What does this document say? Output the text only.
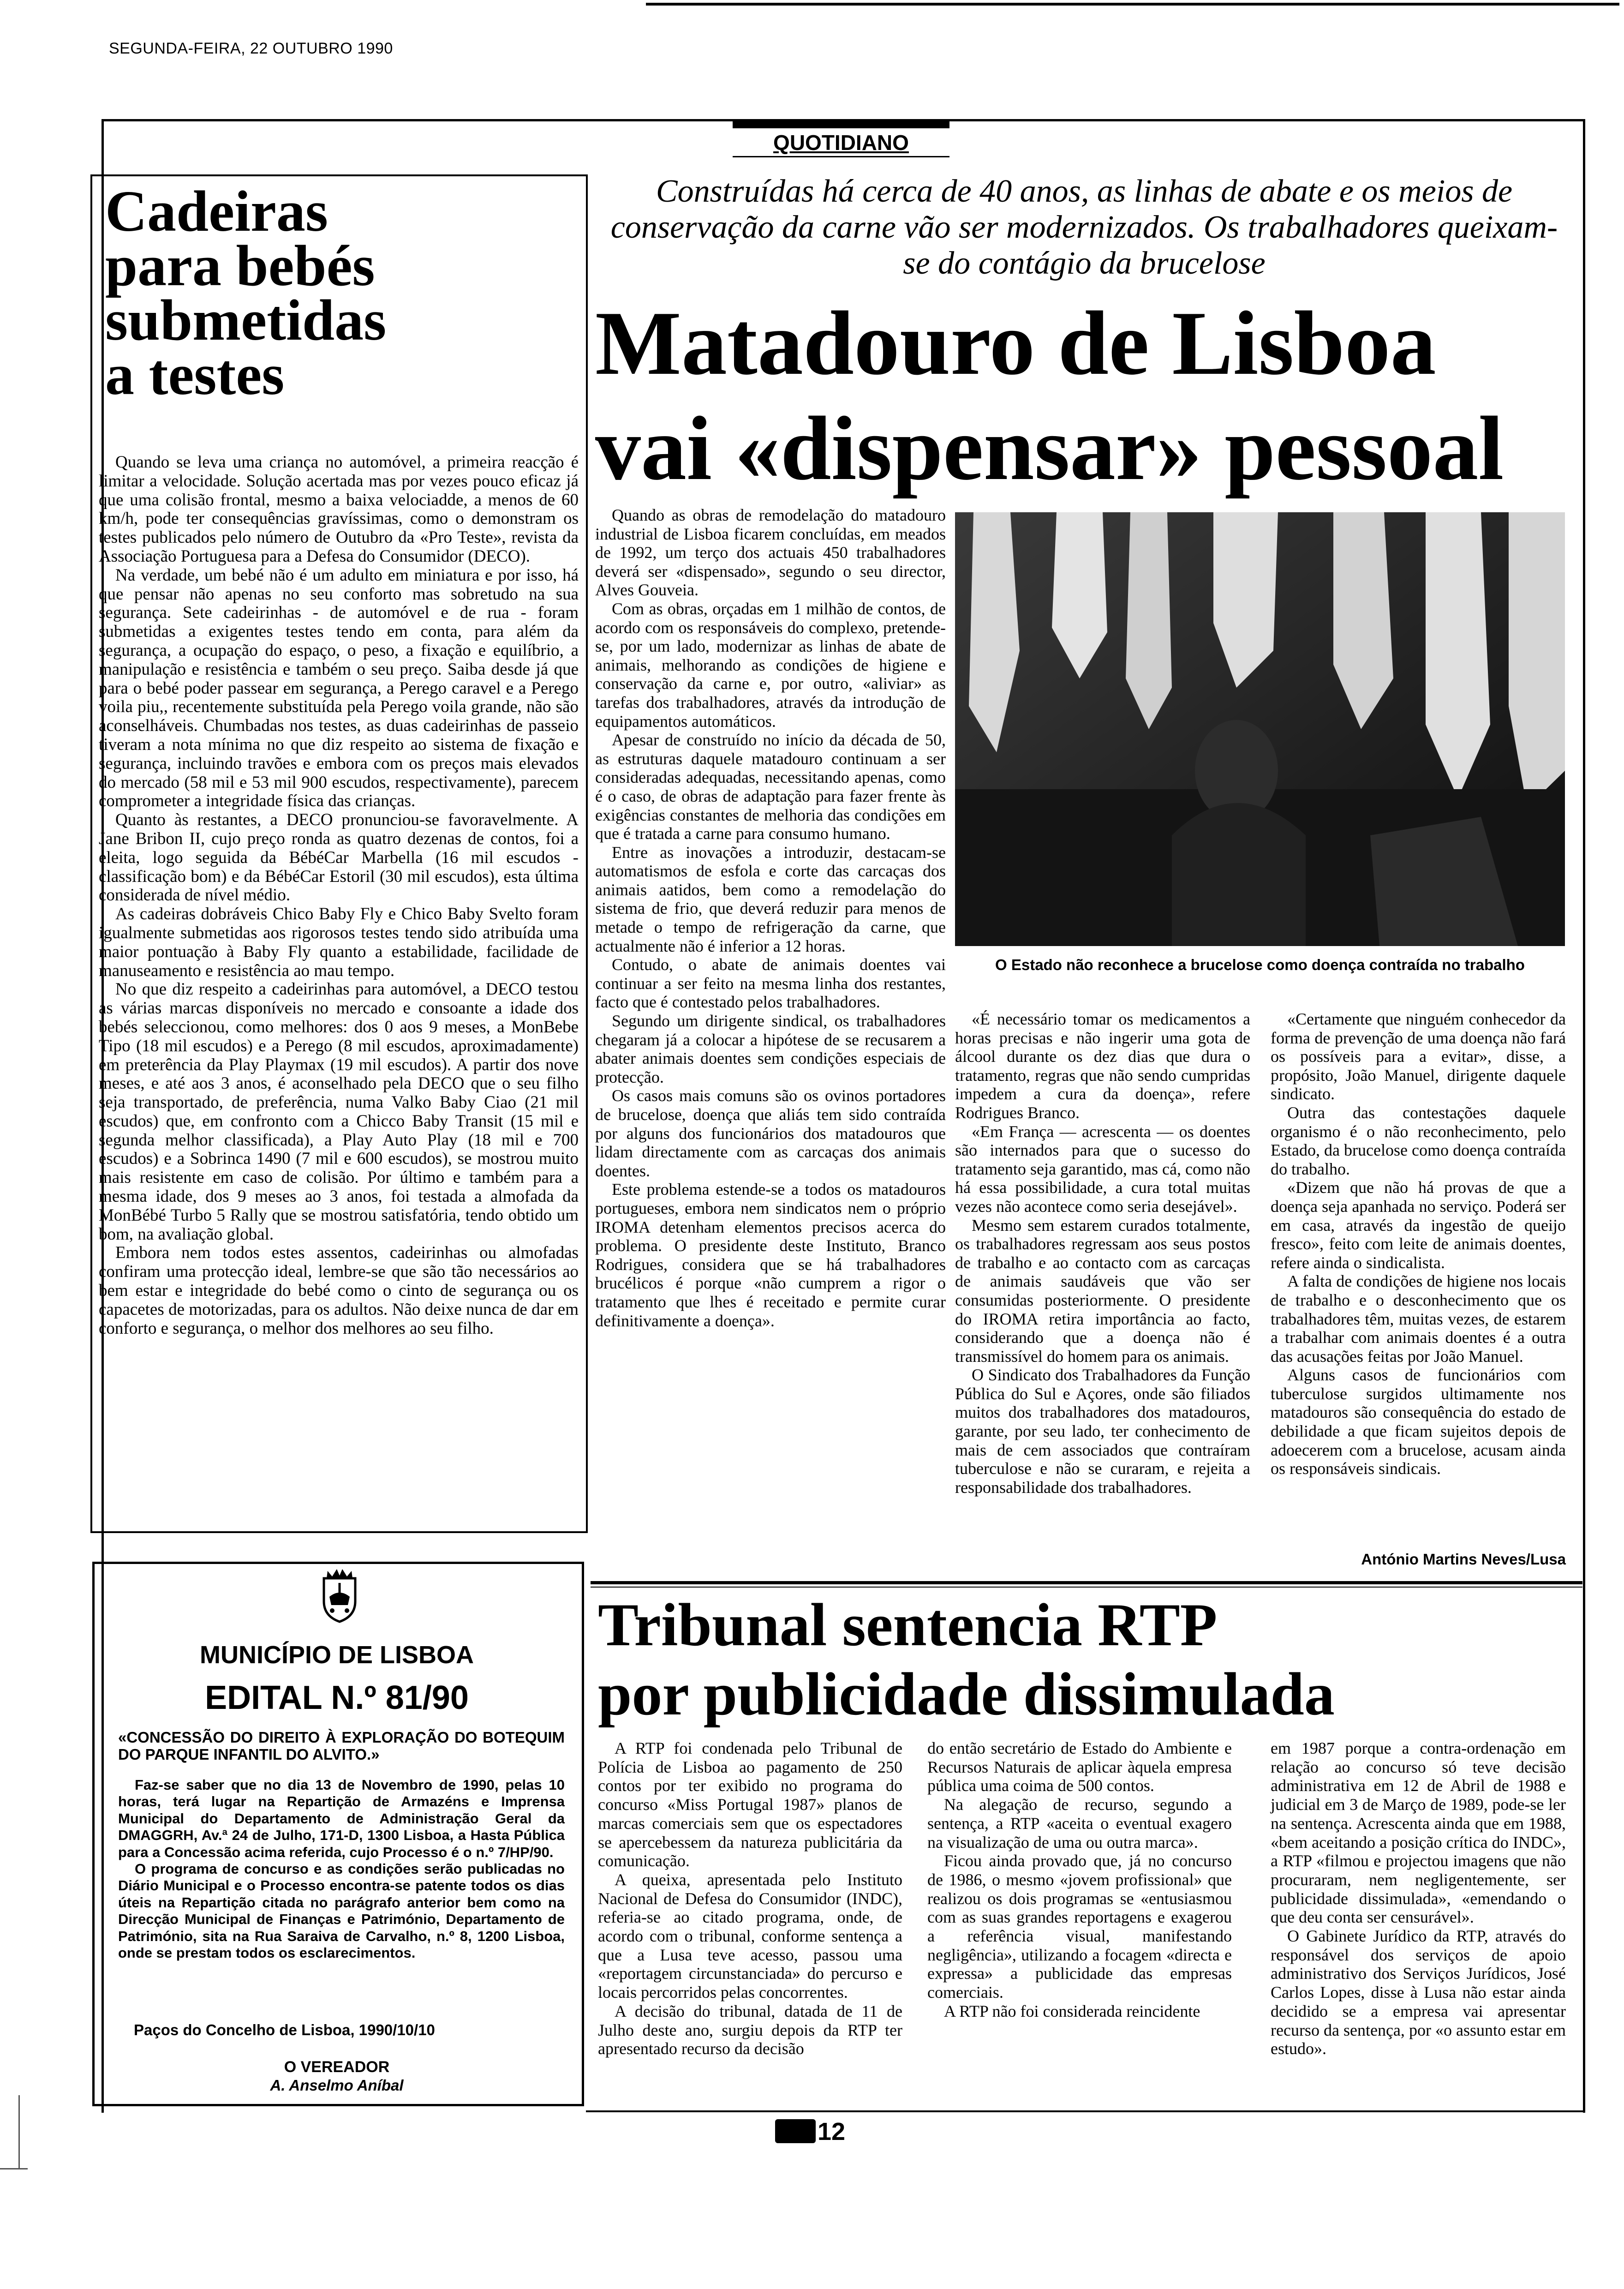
SEGUNDA-FEIRA, 22 OUTUBRO 1990
QUOTIDIANO
Cadeiras
para bebés
submetidas
a testes

Quando se leva uma criança no automóvel, a primeira reacção é limitar a velocidade. Solução acertada mas por vezes pouco eficaz já que uma colisão frontal, mesmo a baixa velociadde, a menos de 60 km/h, pode ter consequências gravíssimas, como o demonstram os testes publicados pelo número de Outubro da «Pro Teste», revista da Associação Portuguesa para a Defesa do Consumidor (DECO).

Na verdade, um bebé não é um adulto em miniatura e por isso, há que pensar não apenas no seu conforto mas sobretudo na sua segurança. Sete cadeirinhas - de automóvel e de rua - foram submetidas a exigentes testes tendo em conta, para além da segurança, a ocupação do espaço, o peso, a fixação e equilíbrio, a manipulação e resistência e também o seu preço. Saiba desde já que para o bebé poder passear em segurança, a Perego caravel e a Perego voila piu,, recentemente substituída pela Perego voila grande, não são aconselháveis. Chumbadas nos testes, as duas cadeirinhas de passeio tiveram a nota mínima no que diz respeito ao sistema de fixação e segurança, incluindo travões e embora com os preços mais elevados do mercado (58 mil e 53 mil 900 escudos, respectivamente), parecem comprometer a integridade física das crianças.

Quanto às restantes, a DECO pronunciou-se favoravelmente. A Jane Bribon II, cujo preço ronda as quatro dezenas de contos, foi a eleita, logo seguida da BébéCar Marbella (16 mil escudos - classificação bom) e da BébéCar Estoril (30 mil escudos), esta última considerada de nível médio.

As cadeiras dobráveis Chico Baby Fly e Chico Baby Svelto foram igualmente submetidas aos rigorosos testes tendo sido atribuída uma maior pontuação à Baby Fly quanto a estabilidade, facilidade de manuseamento e resistência ao mau tempo.

No que diz respeito a cadeirinhas para automóvel, a DECO testou as várias marcas disponíveis no mercado e consoante a idade dos bebés seleccionou, como melhores: dos 0 aos 9 meses, a MonBebe Tipo (18 mil escudos) e a Perego (8 mil escudos, aproximadamente) em preterência da Play Playmax (19 mil escudos). A partir dos nove meses, e até aos 3 anos, é aconselhado pela DECO que o seu filho seja transportado, de preferência, numa Valko Baby Ciao (21 mil escudos) que, em confronto com a Chicco Baby Transit (15 mil e segunda melhor classificada), a Play Auto Play (18 mil e 700 escudos) e a Sobrinca 1490 (7 mil e 600 escudos), se mostrou muito mais resistente em caso de colisão. Por último e também para a mesma idade, dos 9 meses ao 3 anos, foi testada a almofada da MonBébé Turbo 5 Rally que se mostrou satisfatória, tendo obtido um bom, na avaliação global.

Embora nem todos estes assentos, cadeirinhas ou almofadas confiram uma protecção ideal, lembre-se que são tão necessários ao bem estar e integridade do bebé como o cinto de segurança ou os capacetes de motorizadas, para os adultos. Não deixe nunca de dar em conforto e segurança, o melhor dos melhores ao seu filho.

MUNICÍPIO DE LISBOA
EDITAL N.º 81/90
«CONCESSÃO DO DIREITO À EXPLORAÇÃO DO BOTEQUIM DO PARQUE INFANTIL DO ALVITO.»

Faz-se saber que no dia 13 de Novembro de 1990, pelas 10 horas, terá lugar na Repartição de Armazéns e Imprensa Municipal do Departamento de Administração Geral da DMAGGRH, Av.ª 24 de Julho, 171-D, 1300 Lisboa, a Hasta Pública para a Concessão acima referida, cujo Processo é o n.º 7/HP/90.

O programa de concurso e as condições serão publicadas no Diário Municipal e o Processo encontra-se patente todos os dias úteis na Repartição citada no parágrafo anterior bem como na Direcção Municipal de Finanças e Património, Departamento de Património, sita na Rua Saraiva de Carvalho, n.º 8, 1200 Lisboa, onde se prestam todos os esclarecimentos.

Paços do Concelho de Lisboa, 1990/10/10
O VEREADOR
A. Anselmo Aníbal
Construídas há cerca de 40 anos, as linhas de abate e os meios de conservação da carne vão ser modernizados. Os trabalhadores queixam-se do contágio da brucelose
Matadouro de Lisboa
vai «dispensar» pessoal
O Estado não reconhece a brucelose como doença contraída no trabalho

Quando as obras de remodelação do matadouro industrial de Lisboa ficarem concluídas, em meados de 1992, um terço dos actuais 450 trabalhadores deverá ser «dispensado», segundo o seu director, Alves Gouveia.

Com as obras, orçadas em 1 milhão de contos, de acordo com os responsáveis do complexo, pretende-se, por um lado, modernizar as linhas de abate de animais, melhorando as condições de higiene e conservação da carne e, por outro, «aliviar» as tarefas dos trabalhadores, através da introdução de equipamentos automáticos.

Apesar de construído no início da década de 50, as estruturas daquele matadouro continuam a ser consideradas adequadas, necessitando apenas, como é o caso, de obras de adaptação para fazer frente às exigências constantes de melhoria das condições em que é tratada a carne para consumo humano.

Entre as inovações a introduzir, destacam-se automatismos de esfola e corte das carcaças dos animais aatidos, bem como a remodelação do sistema de frio, que deverá reduzir para menos de metade o tempo de refrigeração da carne, que actualmente não é inferior a 12 horas.

Contudo, o abate de animais doentes vai continuar a ser feito na mesma linha dos restantes, facto que é contestado pelos trabalhadores.

Segundo um dirigente sindical, os trabalhadores chegaram já a colocar a hipótese de se recusarem a abater animais doentes sem condições especiais de protecção.

Os casos mais comuns são os ovinos portadores de brucelose, doença que aliás tem sido contraída por alguns dos funcionários dos matadouros que lidam directamente com as carcaças dos animais doentes.

Este problema estende-se a todos os matadouros portugueses, embora nem sindicatos nem o próprio IROMA detenham elementos precisos acerca do problema. O presidente deste Instituto, Branco Rodrigues, considera que se há trabalhadores brucélicos é porque «não cumprem a rigor o tratamento que lhes é receitado e permite curar definitivamente a doença».

«É necessário tomar os medicamentos a horas precisas e não ingerir uma gota de álcool durante os dez dias que dura o tratamento, regras que não sendo cumpridas impedem a cura da doença», refere Rodrigues Branco.

«Em França — acrescenta — os doentes são internados para que o sucesso do tratamento seja garantido, mas cá, como não há essa possibilidade, a cura total muitas vezes não acontece como seria desejável».

Mesmo sem estarem curados totalmente, os trabalhadores regressam aos seus postos de trabalho e ao contacto com as carcaças de animais saudáveis que vão ser consumidas posteriormente. O presidente do IROMA retira importância ao facto, considerando que a doença não é transmissível do homem para os animais.

O Sindicato dos Trabalhadores da Função Pública do Sul e Açores, onde são filiados muitos dos trabalhadores dos matadouros, garante, por seu lado, ter conhecimento de mais de cem associados que contraíram tuberculose e não se curaram, e rejeita a responsabilidade dos trabalhadores.

«Certamente que ninguém conhecedor da forma de prevenção de uma doença não fará os possíveis para a evitar», disse, a propósito, João Manuel, dirigente daquele sindicato.

Outra das contestações daquele organismo é o não reconhecimento, pelo Estado, da brucelose como doença contraída do trabalho.

«Dizem que não há provas de que a doença seja apanhada no serviço. Poderá ser em casa, através da ingestão de queijo fresco», feito com leite de animais doentes, refere ainda o sindicalista.

A falta de condições de higiene nos locais de trabalho e o desconhecimento que os trabalhadores têm, muitas vezes, de estarem a trabalhar com animais doentes é a outra das acusações feitas por João Manuel.

Alguns casos de funcionários com tuberculose surgidos ultimamente nos matadouros são consequência do estado de debilidade a que ficam sujeitos depois de adoecerem com a brucelose, acusam ainda os responsáveis sindicais.

António Martins Neves/Lusa
Tribunal sentencia RTP
por publicidade dissimulada

A RTP foi condenada pelo Tribunal de Polícia de Lisboa ao pagamento de 250 contos por ter exibido no programa do concurso «Miss Portugal 1987» planos de marcas comerciais sem que os espectadores se apercebessem da natureza publicitária da comunicação.

A queixa, apresentada pelo Instituto Nacional de Defesa do Consumidor (INDC), referia-se ao citado programa, onde, de acordo com o tribunal, conforme sentença a que a Lusa teve acesso, passou uma «reportagem circunstanciada» do percurso e locais percorridos pelas concorrentes.

A decisão do tribunal, datada de 11 de Julho deste ano, surgiu depois da RTP ter apresentado recurso da decisão

do então secretário de Estado do Ambiente e Recursos Naturais de aplicar àquela empresa pública uma coima de 500 contos.

Na alegação de recurso, segundo a sentença, a RTP «aceita o eventual exagero na visualização de uma ou outra marca».

Ficou ainda provado que, já no concurso de 1986, o mesmo «jovem profissional» que realizou os dois programas se «entusiasmou com as suas grandes reportagens e exagerou a referência visual, manifestando negligência», utilizando a focagem «directa e expressa» a publicidade das empresas comerciais.

A RTP não foi considerada reincidente

em 1987 porque a contra-ordenação em relação ao concurso só teve decisão administrativa em 12 de Abril de 1988 e judicial em 3 de Março de 1989, pode-se ler na sentença. Acrescenta ainda que em 1988, «bem aceitando a posição crítica do INDC», a RTP «filmou e projectou imagens que não procuraram, nem negligentemente, ser publicidade dissimulada», «emendando o que deu conta ser censurável».

O Gabinete Jurídico da RTP, através do responsável dos serviços de apoio administrativo dos Serviços Jurídicos, José Carlos Lopes, disse à Lusa não estar ainda decidido se a empresa vai apresentar recurso da sentença, por «o assunto estar em estudo».

12
